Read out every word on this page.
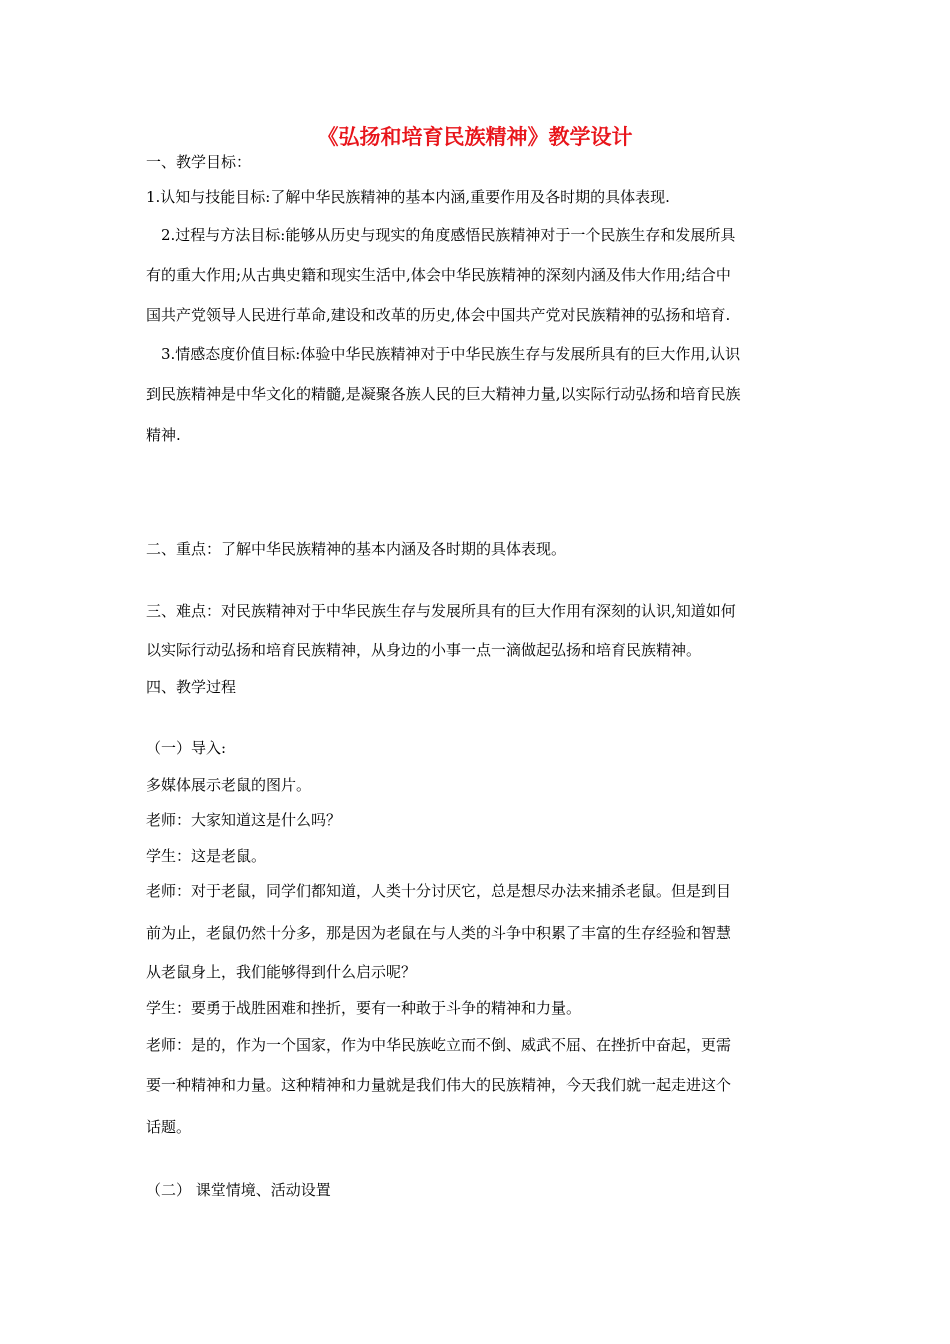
《弘扬和培育民族精神》教学设计
一、教学目标：
1.认知与技能目标:了解中华民族精神的基本内涵,重要作用及各时期的具体表现.
2.过程与方法目标:能够从历史与现实的角度感悟民族精神对于一个民族生存和发展所具
有的重大作用;从古典史籍和现实生活中,体会中华民族精神的深刻内涵及伟大作用;结合中
国共产党领导人民进行革命,建设和改革的历史,体会中国共产党对民族精神的弘扬和培育.
3.情感态度价值目标:体验中华民族精神对于中华民族生存与发展所具有的巨大作用,认识
到民族精神是中华文化的精髓,是凝聚各族人民的巨大精神力量,以实际行动弘扬和培育民族
精神.
二、重点：了解中华民族精神的基本内涵及各时期的具体表现。
三、难点：对民族精神对于中华民族生存与发展所具有的巨大作用有深刻的认识,知道如何
以实际行动弘扬和培育民族精神，从身边的小事一点一滴做起弘扬和培育民族精神。
四、教学过程
（一）导入:
多媒体展示老鼠的图片。
老师：大家知道这是什么吗？
学生：这是老鼠。
老师：对于老鼠，同学们都知道，人类十分讨厌它，总是想尽办法来捕杀老鼠。但是到目
前为止，老鼠仍然十分多，那是因为老鼠在与人类的斗争中积累了丰富的生存经验和智慧
从老鼠身上，我们能够得到什么启示呢？
学生：要勇于战胜困难和挫折，要有一种敢于斗争的精神和力量。
老师：是的，作为一个国家，作为中华民族屹立而不倒、威武不屈、在挫折中奋起，更需
要一种精神和力量。这种精神和力量就是我们伟大的民族精神，今天我们就一起走进这个
话题。
（二） 课堂情境、活动设置
